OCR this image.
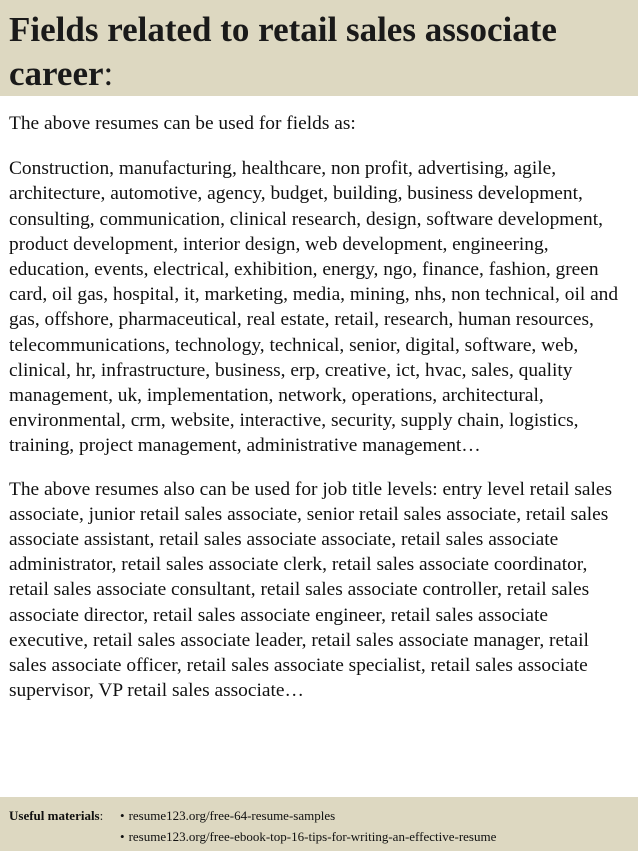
Fields related to retail sales associate career:

The above resumes can be used for fields as:

Construction, manufacturing, healthcare, non profit, advertising, agile, architecture, automotive, agency, budget, building, business development, consulting, communication, clinical research, design, software development, product development, interior design, web development, engineering, education, events, electrical, exhibition, energy, ngo, finance, fashion, green card, oil gas, hospital, it, marketing, media, mining, nhs, non technical, oil and gas, offshore, pharmaceutical, real estate, retail, research, human resources, telecommunications, technology, technical, senior, digital, software, web, clinical, hr, infrastructure, business, erp, creative, ict, hvac, sales, quality management, uk, implementation, network, operations, architectural, environmental, crm, website, interactive, security, supply chain, logistics, training, project management, administrative management…

The above resumes also can be used for job title levels: entry level retail sales associate, junior retail sales associate, senior retail sales associate, retail sales associate assistant, retail sales associate associate, retail sales associate administrator, retail sales associate clerk, retail sales associate coordinator, retail sales associate consultant, retail sales associate controller, retail sales associate director, retail sales associate engineer, retail sales associate executive, retail sales associate leader, retail sales associate manager, retail sales associate officer, retail sales associate specialist, retail sales associate supervisor, VP retail sales associate…

Useful materials: • resume123.org/free-64-resume-samples
• resume123.org/free-ebook-top-16-tips-for-writing-an-effective-resume
